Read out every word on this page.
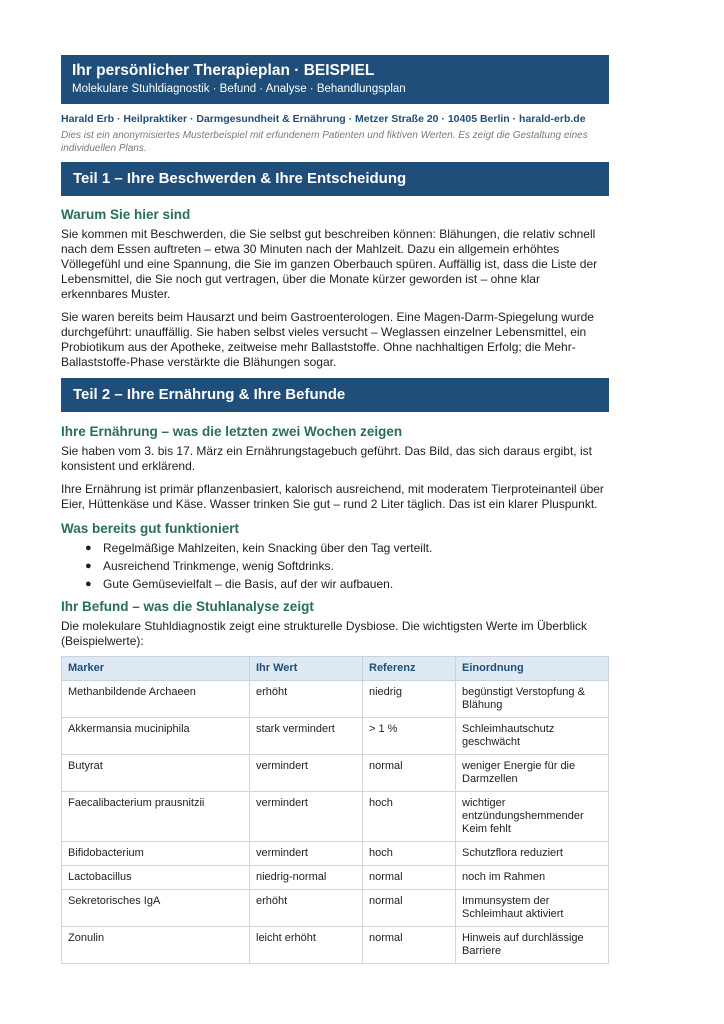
Ihr persönlicher Therapieplan · BEISPIEL
Molekulare Stuhldiagnostik · Befund · Analyse · Behandlungsplan
Harald Erb · Heilpraktiker · Darmgesundheit & Ernährung · Metzer Straße 20 · 10405 Berlin · harald-erb.de
Dies ist ein anonymisiertes Musterbeispiel mit erfundenem Patienten und fiktiven Werten. Es zeigt die Gestaltung eines individuellen Plans.
Teil 1 – Ihre Beschwerden & Ihre Entscheidung
Warum Sie hier sind

Sie kommen mit Beschwerden, die Sie selbst gut beschreiben können: Blähungen, die relativ schnell nach dem Essen auftreten – etwa 30 Minuten nach der Mahlzeit. Dazu ein allgemein erhöhtes Völlegefühl und eine Spannung, die Sie im ganzen Oberbauch spüren. Auffällig ist, dass die Liste der Lebensmittel, die Sie noch gut vertragen, über die Monate kürzer geworden ist – ohne klar erkennbares Muster.

Sie waren bereits beim Hausarzt und beim Gastroenterologen. Eine Magen-Darm-Spiegelung wurde durchgeführt: unauffällig. Sie haben selbst vieles versucht – Weglassen einzelner Lebensmittel, ein Probiotikum aus der Apotheke, zeitweise mehr Ballaststoffe. Ohne nachhaltigen Erfolg; die Mehr-Ballaststoffe-Phase verstärkte die Blähungen sogar.

Teil 2 – Ihre Ernährung & Ihre Befunde
Ihre Ernährung – was die letzten zwei Wochen zeigen

Sie haben vom 3. bis 17. März ein Ernährungstagebuch geführt. Das Bild, das sich daraus ergibt, ist konsistent und erklärend.

Ihre Ernährung ist primär pflanzenbasiert, kalorisch ausreichend, mit moderatem Tierproteinanteil über Eier, Hüttenkäse und Käse. Wasser trinken Sie gut – rund 2 Liter täglich. Das ist ein klarer Pluspunkt.

Was bereits gut funktioniert
● Regelmäßige Mahlzeiten, kein Snacking über den Tag verteilt.
● Ausreichend Trinkmenge, wenig Softdrinks.
● Gute Gemüsevielfalt – die Basis, auf der wir aufbauen.
Ihr Befund – was die Stuhlanalyse zeigt

Die molekulare Stuhldiagnostik zeigt eine strukturelle Dysbiose. Die wichtigsten Werte im Überblick (Beispielwerte):

Marker	Ihr Wert	Referenz	Einordnung
Methanbildende Archaeen	erhöht	niedrig	begünstigt Verstopfung & Blähung
Akkermansia muciniphila	stark vermindert	> 1 %	Schleimhautschutz geschwächt
Butyrat	vermindert	normal	weniger Energie für die Darmzellen
Faecalibacterium prausnitzii	vermindert	hoch	wichtiger entzündungshemmender Keim fehlt
Bifidobacterium	vermindert	hoch	Schutzflora reduziert
Lactobacillus	niedrig-normal	normal	noch im Rahmen
Sekretorisches IgA	erhöht	normal	Immunsystem der Schleimhaut aktiviert
Zonulin	leicht erhöht	normal	Hinweis auf durchlässige Barriere
